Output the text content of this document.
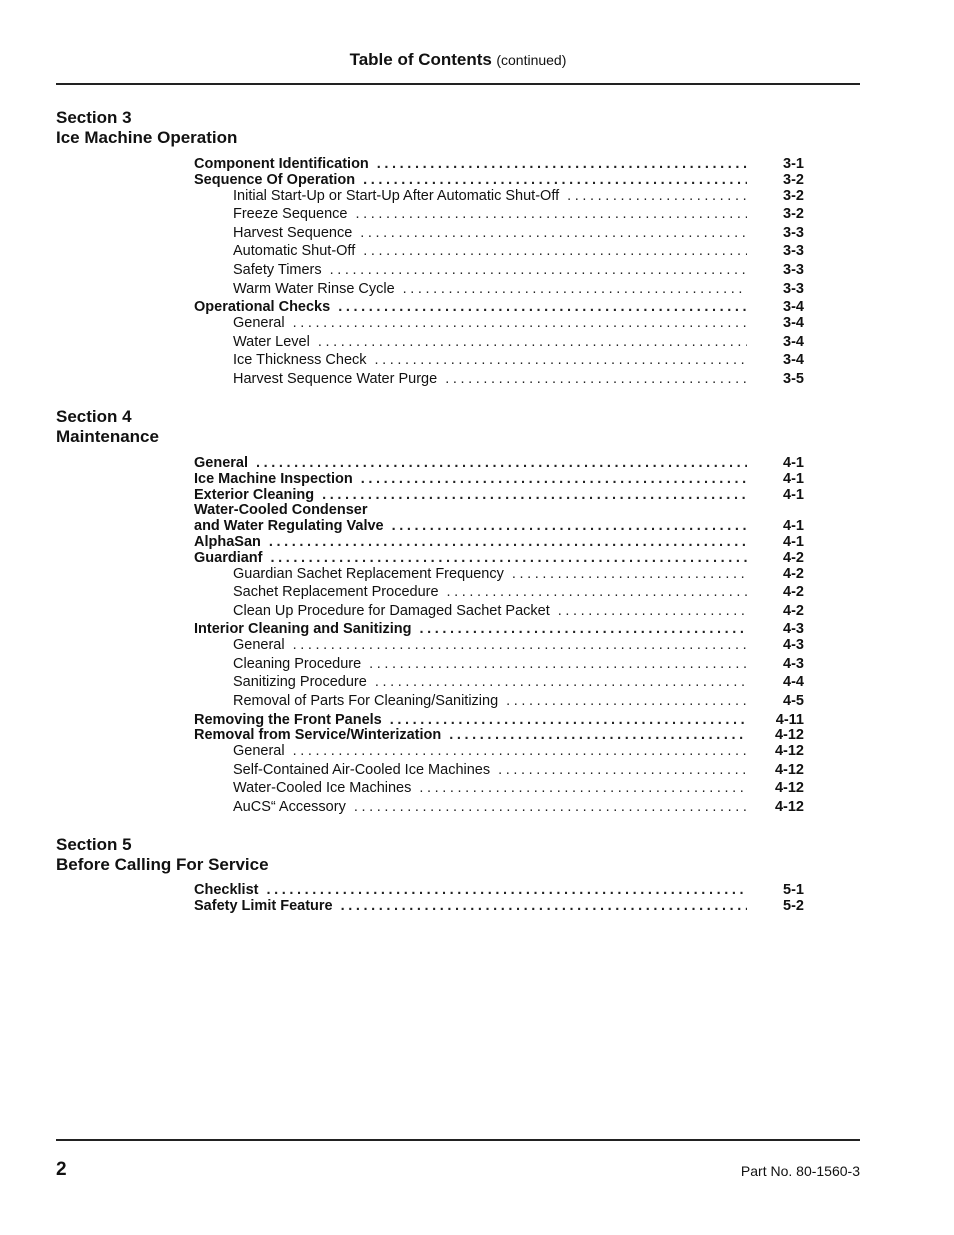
Table of Contents (continued)
Section 3
Ice Machine Operation
Component Identification .....	3-1
Sequence Of Operation .....	3-2
Initial Start-Up or Start-Up After Automatic Shut-Off .....	3-2
Freeze Sequence .....	3-2
Harvest Sequence .....	3-3
Automatic Shut-Off .....	3-3
Safety Timers .....	3-3
Warm Water Rinse Cycle .....	3-3
Operational Checks .....	3-4
General .....	3-4
Water Level .....	3-4
Ice Thickness Check .....	3-4
Harvest Sequence Water Purge .....	3-5
Section 4
Maintenance
General .....	4-1
Ice Machine Inspection .....	4-1
Exterior Cleaning .....	4-1
Water-Cooled Condenser
and Water Regulating Valve .....	4-1
AlphaSan .....	4-1
Guardianf .....	4-2
Guardian Sachet Replacement Frequency .....	4-2
Sachet Replacement Procedure .....	4-2
Clean Up Procedure for Damaged Sachet Packet .....	4-2
Interior Cleaning and Sanitizing .....	4-3
General .....	4-3
Cleaning Procedure .....	4-3
Sanitizing Procedure .....	4-4
Removal of Parts For Cleaning/Sanitizing .....	4-5
Removing the Front Panels .....	4-11
Removal from Service/Winterization .....	4-12
General .....	4-12
Self-Contained Air-Cooled Ice Machines .....	4-12
Water-Cooled Ice Machines .....	4-12
AuCS“ Accessory .....	4-12
Section 5
Before Calling For Service
Checklist .....	5-1
Safety Limit Feature .....	5-2
2	Part No. 80-1560-3
